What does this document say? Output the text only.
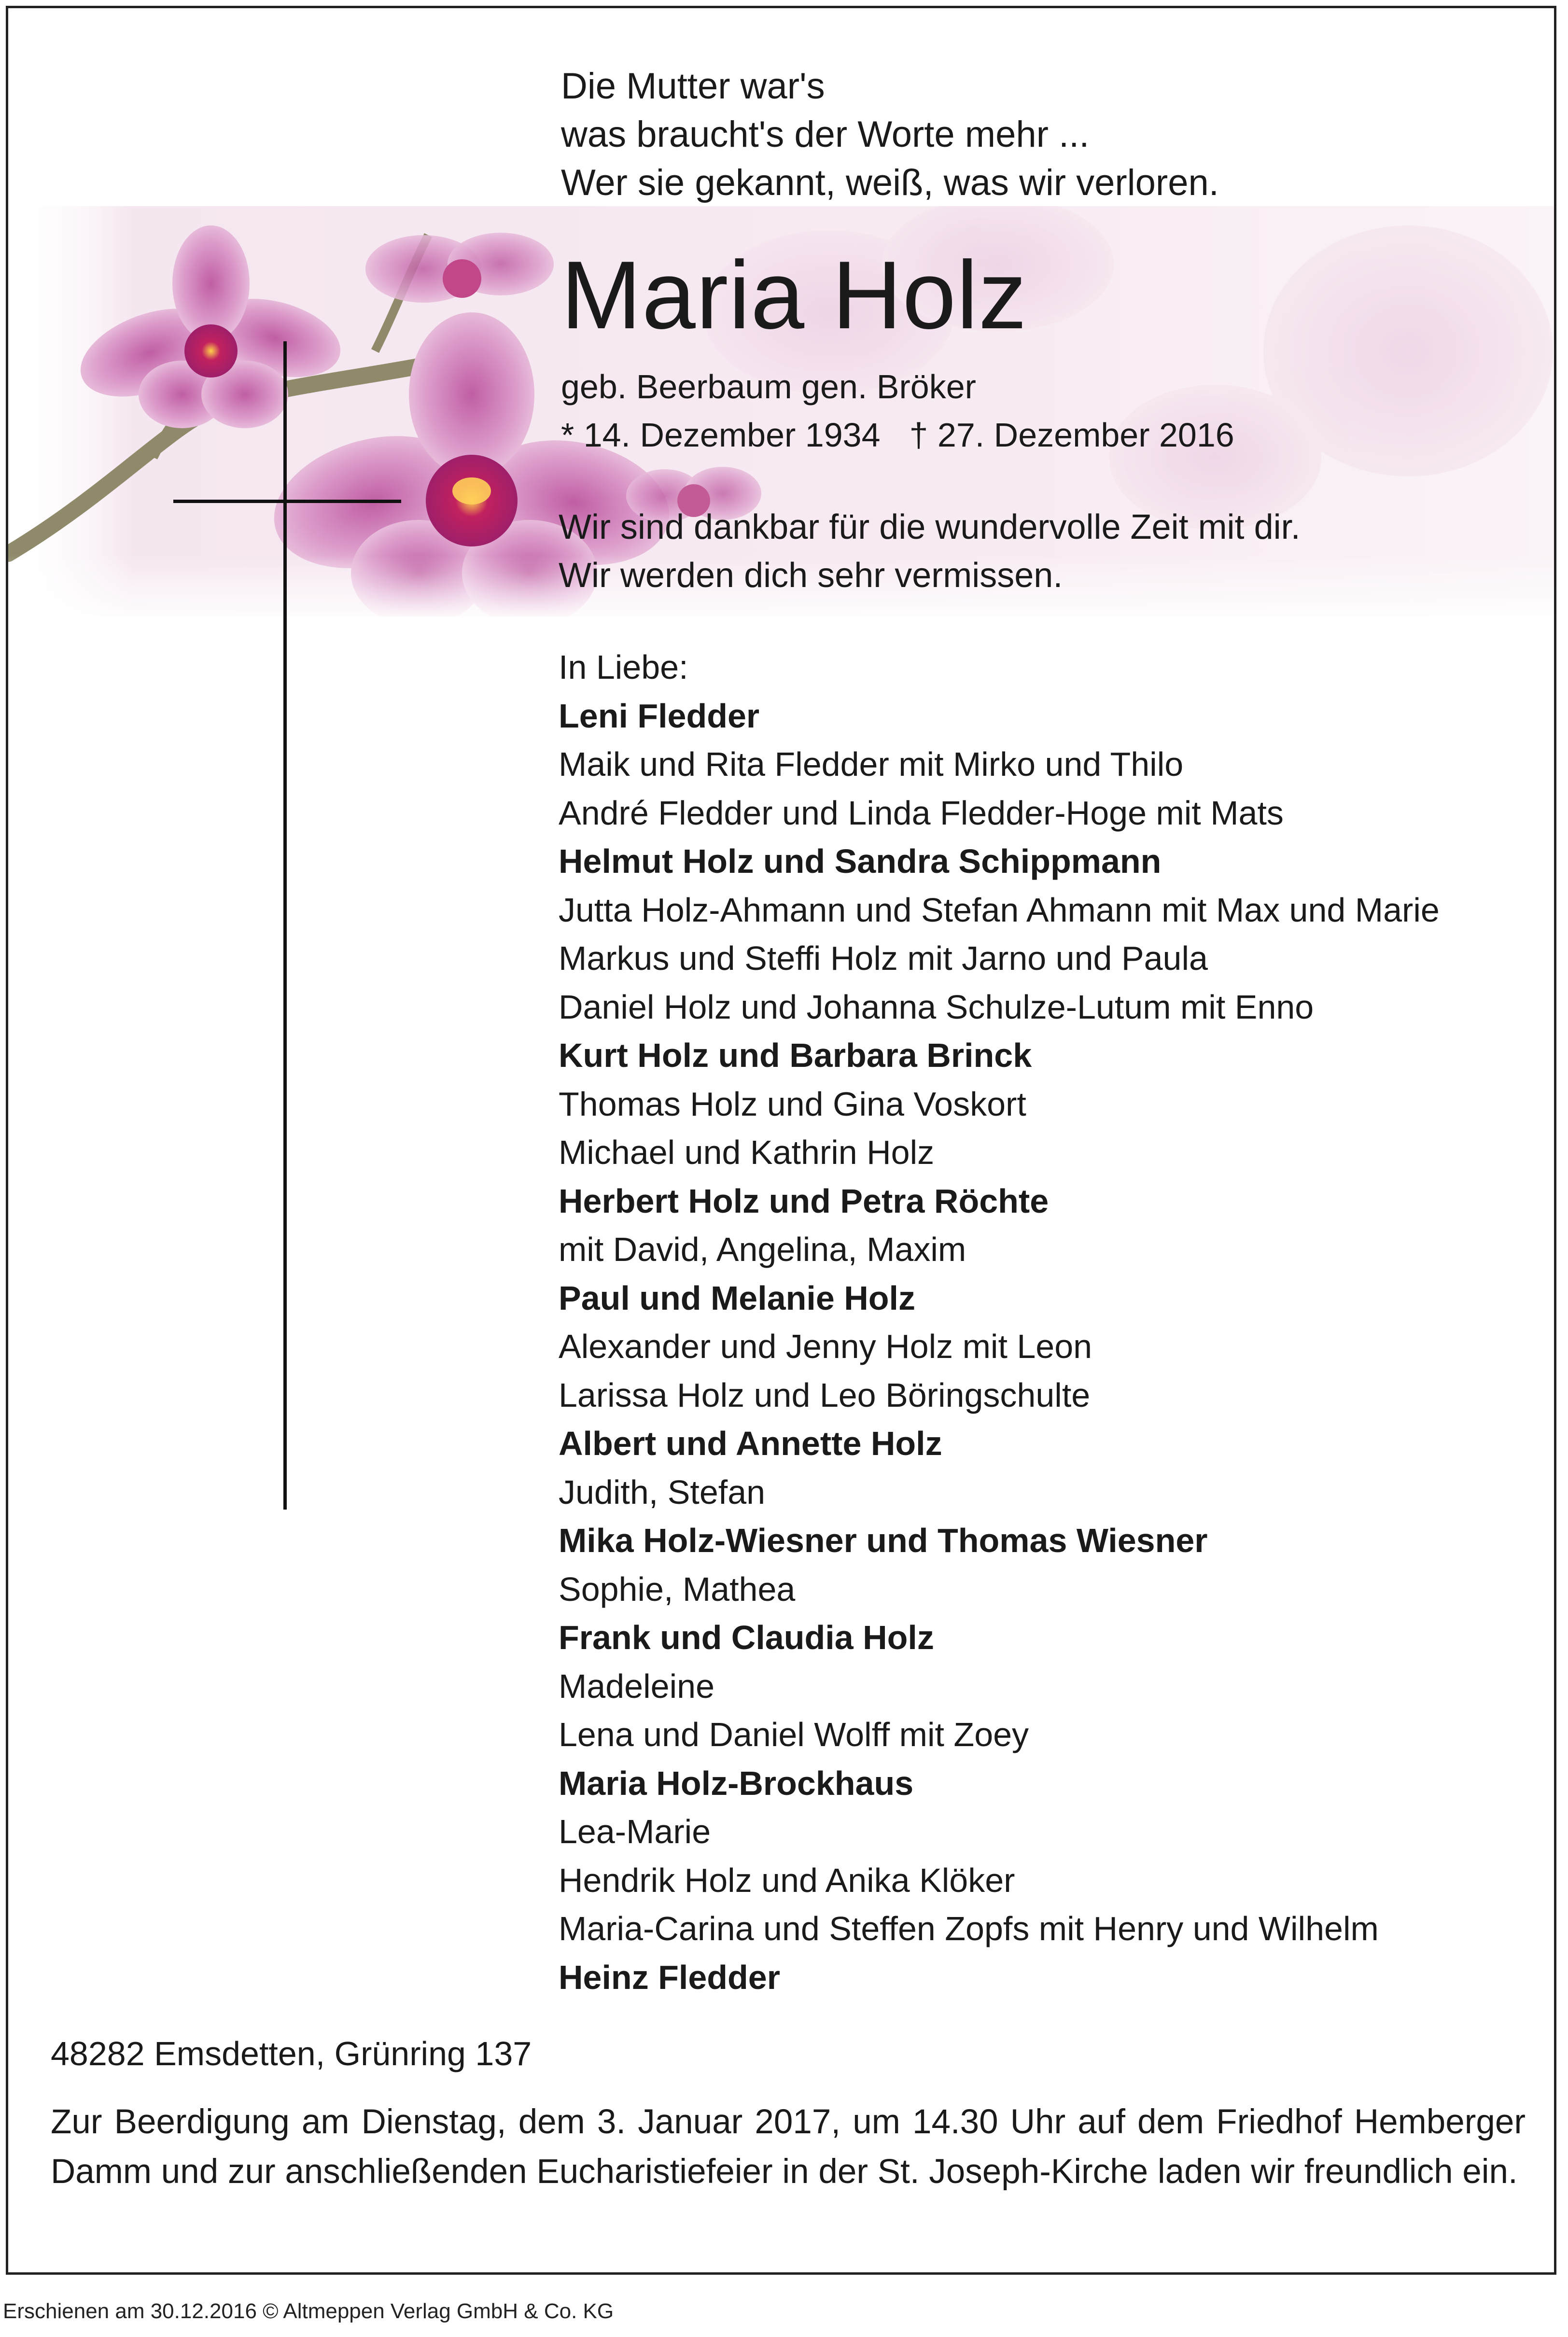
Die Mutter war's
was braucht's der Worte mehr ...
Wer sie gekannt, weiß, was wir verloren.
Maria Holz
geb. Beerbaum gen. Bröker
* 14. Dezember 1934 † 27. Dezember 2016
Wir sind dankbar für die wundervolle Zeit mit dir.
Wir werden dich sehr vermissen.
In Liebe:
Leni Fledder
Maik und Rita Fledder mit Mirko und Thilo
André Fledder und Linda Fledder-Hoge mit Mats
Helmut Holz und Sandra Schippmann
Jutta Holz-Ahmann und Stefan Ahmann mit Max und Marie
Markus und Steffi Holz mit Jarno und Paula
Daniel Holz und Johanna Schulze-Lutum mit Enno
Kurt Holz und Barbara Brinck
Thomas Holz und Gina Voskort
Michael und Kathrin Holz
Herbert Holz und Petra Röchte
mit David, Angelina, Maxim
Paul und Melanie Holz
Alexander und Jenny Holz mit Leon
Larissa Holz und Leo Böringschulte
Albert und Annette Holz
Judith, Stefan
Mika Holz-Wiesner und Thomas Wiesner
Sophie, Mathea
Frank und Claudia Holz
Madeleine
Lena und Daniel Wolff mit Zoey
Maria Holz-Brockhaus
Lea-Marie
Hendrik Holz und Anika Klöker
Maria-Carina und Steffen Zopfs mit Henry und Wilhelm
Heinz Fledder
48282 Emsdetten, Grünring 137
Zur Beerdigung am Dienstag, dem 3. Januar 2017, um 14.30 Uhr auf dem Friedhof Hemberger Damm und zur anschließenden Eucharistiefeier in der St. Joseph-Kirche laden wir freundlich ein.
Erschienen am 30.12.2016 © Altmeppen Verlag GmbH & Co. KG
